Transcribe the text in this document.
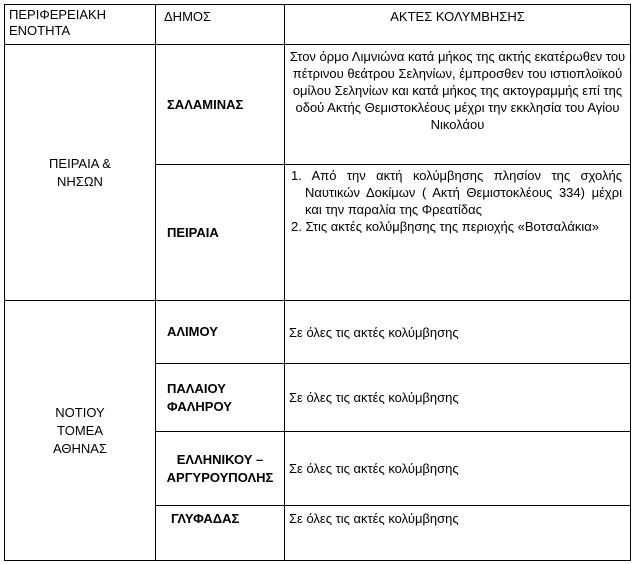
ΠΕΡΙΦΕΡΕΙΑΚΗ ΕΝΟΤΗΤΑ	ΔΗΜΟΣ	ΑΚΤΕΣ ΚΟΛΥΜΒΗΣΗΣ
ΠΕΙΡΑΙΑ & ΝΗΣΩΝ	ΣΑΛΑΜΙΝΑΣ	Στον όρμο Λιμνιώνα κατά μήκος της ακτής εκατέρωθεν του πέτρινου θεάτρου Σεληνίων, έμπροσθεν του ιστιοπλοϊκού ομίλου Σεληνίων και κατά μήκος της ακτογραμμής επί της οδού Ακτής Θεμιστοκλέους μέχρι την εκκλησία του Αγίου Νικολάου
	ΠΕΙΡΑΙΑ	1. Από την ακτή κολύμβησης πλησίον της σχολής Ναυτικών Δοκίμων ( Ακτή Θεμιστοκλέους 334) μέχρι και την παραλία της Φρεατίδας
2. Στις ακτές κολύμβησης της περιοχής «Βοτσαλάκια»

ΝΟΤΙΟΥ ΤΟΜΕΑ ΑΘΗΝΑΣ	ΑΛΙΜΟΥ	Σε όλες τις ακτές κολύμβησης
	ΠΑΛΑΙΟΥ ΦΑΛΗΡΟΥ	Σε όλες τις ακτές κολύμβησης
	ΕΛΛΗΝΙΚΟΥ – ΑΡΓΥΡΟΥΠΟΛΗΣ	Σε όλες τις ακτές κολύμβησης
	ΓΛΥΦΑΔΑΣ	Σε όλες τις ακτές κολύμβησης
